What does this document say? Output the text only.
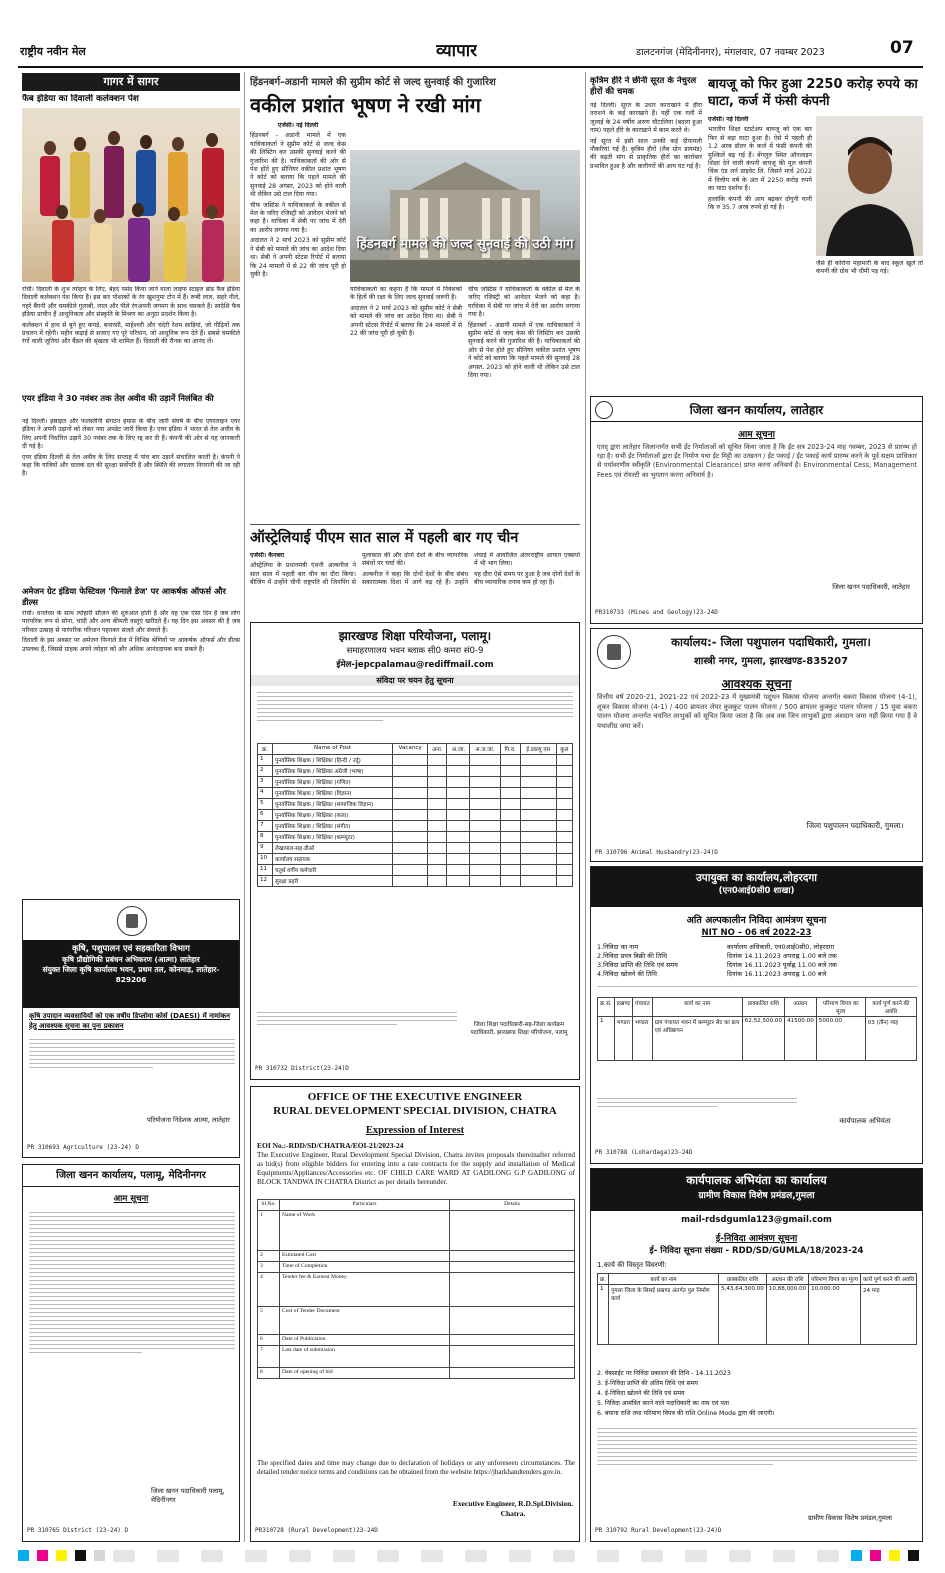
राष्ट्रीय नवीन मेल	व्यापार	डालटनगंज (मेदिनीनगर), मंगलवार, 07 नवम्बर 2023	07
गागर में सागर
फैब इंडिया का दिवाली कलेक्शन पेश

रांची। दिवाली के शुभ त्योहार के लिए, बेहद पसंद किया जाने वाला लाइफ स्टाइल ब्रांड फैब इंडिया दिवाली कलेक्शन पेश किया है। इस बार पोशाकों के रंग खुशनुमा टोन में हैं। रूबी लाल, सहरे नीले, गहरे बैंगनी और चमकीले गुलाबी, लाल और पीले रंगअपनी जगमग के साथ चमकते हैं। स्वदेशि फैब इंडिया प्राचीन हैं आधुनिकता और संस्कृति के मिश्रण का अनुठा प्रदर्शन किया है।

कलेक्शन में हाथ से बुने हुए कपड़े, बनारसी, माहेश्वरी और चंदेरी रेशम साड़ियां, जो पीढ़ियों तक प्रचलन में रहेंगी। महीन कढ़ाई से सजाए गए पूरे परिधान, जो आधुनिक रूप देते हैं। सबसे चमकीले रंगों वाली जूतियां और बैंडल की श्रृंखला भी शामिल हैं। दिवाली की रौनक का आनंद लें।

एयर इंडिया ने 30 नवंबर तक तेल अवीव की उड़ानें निलंबित की

नई दिल्ली। इस्राइल और फलस्तीनी संगठन हमास के बीच जारी संघर्ष के बीच एयरलाइन एयर इंडिया ने अपनी उड़ानों को लेकर नया अपडेट जारी किया है। एयर इंडिया ने भारत से तेल अवीव के लिए अपनी निर्धारित उड़ानें 30 नवंबर तक के लिए रद्द कर दी हैं। कंपनी की ओर से यह जानकारी दी गई है।

एयर इंडिया दिल्ली से तेल अवीव के लिए सप्ताह में पांच बार उड़ानें संचालित करती है। कंपनी ने कहा कि यात्रियों और चालक दल की सुरक्षा सर्वोपरि है और स्थिति की लगातार निगरानी की जा रही है।

अमेजन ग्रेट इंडिया फेस्टिवल 'फिनाले डेज' पर आकर्षक ऑफर्स और डील्स

रांची। धनतेरस के साथ त्योहारी सीजन की शुरुआत होती है और यह एक ऐसा दिन है जब लोग पारंपरिक रूप से सोना, चांदी और अन्य कीमती वस्तुएं खरीदते हैं। यह दिन इस अवसर की है जब परिवार उत्साह से पारंपरिक परिधान पहनकर संजते और संवरते हैं।

दिवाली के इस अवसर पर अमेजन फिनाले डेज में विभिन्न श्रेणियों पर आकर्षक ऑफर्स और डील्स उपलब्ध हैं, जिससे ग्राहक अपने त्योहार को और अधिक आनंददायक बना सकते हैं।

कृषि, पशुपालन एवं सहकारिता विभाग
कृषि प्रौद्योगिकी प्रबंधन अभिकरण (आत्मा) लातेहार
संयुक्त जिला कृषि कार्यालय भवन, प्रथम तल, कोनमाड़, लातेहार- 829206
कृषि उपादान व्यवसायियों को एक वर्षीय डिप्लोमा कोर्स (DAESI) में नामांकन हेतु आवश्यक सूचना का पुनः प्रकाशन
परियोजना निदेशक आत्मा, लातेहार
PR 310693 Agriculture (23-24) D
जिला खनन कार्यालय, पलामू, मेदिनीनगर
आम सूचना
जिला खनन पदाधिकारी पलामू, मेदिनीनगर
PR 310765 District (23-24) D
हिंडनबर्ग-अडानी मामले की सुप्रीम कोर्ट से जल्द सुनवाई की गुजारिश
वकील प्रशांत भूषण ने रखी मांग

एजेंसी। नई दिल्ली

हिंडनबर्ग - अडानी मामले में एक याचिकाकर्ता ने सुप्रीम कोर्ट से जल्द केस की लिस्टिंग कर उसकी सुनवाई करने की गुजारिश की है। याचिकाकर्ता की ओर से पेश होते हुए सीनियर वकील प्रशांत भूषण ने कोर्ट को बताया कि पहले मामले की सुनवाई 28 अगस्त, 2023 को होने वाली थी लेकिन उसे टाल दिया गया।

चीफ जस्टिस ने याचिकाकर्ता के वकील से मेल के जरिए रजिस्ट्री को आवेदन भेजने को कहा है। याचिका में सेबी पर जांच में देरी का आरोप लगाया गया है।

अदालत ने 2 मार्च 2023 को सुप्रीम कोर्ट ने सेबी को मामले की जांच का आदेश दिया था। सेबी ने अपनी स्टेटस रिपोर्ट में बताया कि 24 मामलों में से 22 की जांच पूरी हो चुकी है।

हिंडनबर्ग मामले की जल्द सुनवाई की उठी मांग

याचिकाकर्ता का कहना है कि मामले में निवेशकों के हितों की रक्षा के लिए जल्द सुनवाई जरूरी है।

अदालत ने 2 मार्च 2023 को सुप्रीम कोर्ट ने सेबी को मामले की जांच का आदेश दिया था। सेबी ने अपनी स्टेटस रिपोर्ट में बताया कि 24 मामलों में से 22 की जांच पूरी हो चुकी है।

चीफ जस्टिस ने याचिकाकर्ता के वकील से मेल के जरिए रजिस्ट्री को आवेदन भेजने को कहा है। याचिका में सेबी पर जांच में देरी का आरोप लगाया गया है।

हिंडनबर्ग - अडानी मामले में एक याचिकाकर्ता ने सुप्रीम कोर्ट से जल्द केस की लिस्टिंग कर उसकी सुनवाई करने की गुजारिश की है। याचिकाकर्ता की ओर से पेश होते हुए सीनियर वकील प्रशांत भूषण ने कोर्ट को बताया कि पहले मामले की सुनवाई 28 अगस्त, 2023 को होने वाली थी लेकिन उसे टाल दिया गया।

ऑस्ट्रेलियाई पीएम सात साल में पहली बार गए चीन

एजेंसी। कैनबरा

ऑस्ट्रेलिया के प्रधानमंत्री एंथनी अल्बनीज ने सात साल में पहली बार चीन का दौरा किया। बीजिंग में उन्होंने चीनी राष्ट्रपति शी जिनपिंग से मुलाकात की और दोनों देशों के बीच व्यापारिक संबंधों पर चर्चा की।

अल्बनीज ने कहा कि दोनों देशों के बीच संबंध सकारात्मक दिशा में आगे बढ़ रहे हैं। उन्होंने शंघाई में आयोजित अंतरराष्ट्रीय आयात एक्सपो में भी भाग लिया।

यह दौरा ऐसे समय पर हुआ है जब दोनों देशों के बीच व्यापारिक तनाव कम हो रहा है।

झारखण्ड शिक्षा परियोजना, पलामू।
समाहरणालय भवन ब्लाक सी0 कमरा सं0-9
ईमेल-jepcpalamau@rediffmail.com
संविदा पर चयन हेतु सूचना
क्र.	Name of Post	Vacancy	अना.	अ.जा.	अ.ज.जा.	पि.व.	ई.डब्ल्यू.एस	कुल
1	पुनर्वासिक शिक्षक / शिक्षिका (हिन्दी / उर्दू)							
2	पुनर्वासिक शिक्षक / शिक्षिका अंग्रेजी (भाषा)							
3	पुनर्वासिक शिक्षक / शिक्षिका (गणित)							
4	पुनर्वासिक शिक्षक / शिक्षिका (विज्ञान)							
5	पुनर्वासिक शिक्षक / शिक्षिका (सामाजिक विज्ञान)							
6	पुनर्वासिक शिक्षक / शिक्षिका (कला)							
7	पुनर्वासिक शिक्षक / शिक्षिका (संगीत)							
8	पुनर्वासिक शिक्षक / शिक्षिका (कम्प्यूटर)							
9	लेखापाल-सह-डीओ							
10	कार्यालय सहायक							
11	चतुर्थ वर्गीय कर्मचारी							
12	सुरक्षा प्रहरी							
जिला शिक्षा पदाधिकारी-सह-जिला कार्यक्रम पदाधिकारी, झारखण्ड शिक्षा परियोजना, पलामू
PR 310732 District(23-24)D
OFFICE OF THE EXECUTIVE ENGINEER
RURAL DEVELOPMENT SPECIAL DIVISION, CHATRA
Expression of Interest
EOI No.:-RDD/SD/CHATRA/EOI-21/2023-24
The Executive Engineer, Rural Development Special Division, Chatra invites proposals thereinafter referred as bid(s) from eligible bidders for entering into a rate contracts for the supply and installation of Medical Equipments/Appliances/Accessories etc. OF CHILD CARE WARD AT GADILONG G.P GADILONG of BLOCK TANDWA IN CHATRA District as per details hereunder.
Sl.No.	Particulars	Details
1	Name of Work	
2	Estimated Cost	
3	Time of Completion	
4	Tender fee & Earnest Money	
5	Cost of Tender Document	
6	Date of Publication	
7	Last date of submission	
8	Date of opening of bid	
The specified dates and time may change due to declaration of holidays or any unforeseen circumstances. The detailed tender notice terms and conditions can be obtained from the website https://jharkhandtenders.gov.in.
Executive Engineer, R.D.Spl.Division. Chatra.
PR310728 (Rural Development)23-24D
कृत्रिम हीरे ने छीनी सूरत के नेचुरल हीरों की चमक

नई दिल्ली। सूरत के उधार काराखाने में हीरा तराशने के कई कारखाने हैं। यहीं एक गली में जुलाई के 24 वर्षीय अरुण चौटालिया (बदला हुआ नाम) पहले हीरे के कारखाने में काम करते थे।

नई सूरत में इसी साल उनकी कई दीपावली नौकरियां गई हैं। कृत्रिम हीरों (लैब ग्रोन डायमंड) की बढ़ती मांग से प्राकृतिक हीरों का कारोबार प्रभावित हुआ है और कारीगरों की आय घट गई है।

बायजू को फिर हुआ 2250 करोड़ रुपये का घाटा, कर्ज में फंसी कंपनी

एजेंसी। नई दिल्ली

भारतीय शिक्षा स्टार्टअप बायजू को एक बार फिर से बड़ा घाटा हुआ है। ऐसे में पहली ही 1.2 अरब डॉलर के कर्ज में फंसी कंपनी की मुश्किलें बढ़ गई हैं। बेंगलुरु स्थित ऑनलाइन शिक्षा देने वाली कंपनी बायजू की मूल कंपनी थिंक एंड लर्न प्राइवेट लि. जिसने मार्च 2022 में वित्तीय वर्ष के अंत में 2250 करोड़ रुपये का घाटा दर्शाया है।

हालांकि कंपनी की आय बढ़कर दोगुनी यानी कि रु 35.7 अरब रुपये हो गई है।

जैसे ही कोरोना महामारी के बाद स्कूल खुले तो कंपनी की ग्रोथ भी धीमी पड़ गई।
जिला खनन कार्यालय, लातेहार
आम सूचना
एतद् द्वारा लातेहार जिलान्तर्गत सभी ईंट निर्माताओं को सूचित किया जाता है कि ईंट सत्र 2023-24 माह नवम्बर, 2023 से प्रारम्भ हो रहा है। सभी ईंट निर्माताओं द्वारा ईंट निर्माण यथा ईंट मिट्टी का उत्खनन / ईंट पकाई / ईंट पकाई कार्य प्रारम्भ करने के पूर्व सक्षम प्राधिकार से पर्यावरणीय स्वीकृति (Environmental Clearance) प्राप्त करना अनिवार्य है। Environmental Cess, Management Fees एवं रॉयल्टी का भुगतान करना अनिवार्य है।
जिला खनन पदाधिकारी, लातेहार
PR310733 (Mines and Geology)23-24D
कार्यालय:- जिला पशुपालन पदाधिकारी, गुमला।
शास्त्री नगर, गुमला, झारखण्ड-835207
आवश्यक सूचना
वित्तीय वर्ष 2020-21, 2021-22 एवं 2022-23 में मुख्यमंत्री पशुधन विकास योजना अन्तर्गत बकरा विकास योजना (4-1), शूकर विकास योजना (4-1) / 400 ब्रायलर लेयर कुक्कुट पालन योजना / 500 ब्रायलर कुक्कुट पालन योजना / 15 युवा बकरा पालन योजना अन्तर्गत चयनित लाभुकों को सूचित किया जाता है कि अब तक जिन लाभुकों द्वारा अंशदान जमा नहीं किया गया है वे यथाशीघ्र जमा करें।
जिला पशुपालन पदाधिकारी, गुमला।
PR 310796 Animal Husbandry(23-24)D
उपायुक्त का कार्यालय,लोहरदगा
(एन0आई0सी0 शाखा)
अति अल्पकालीन निविदा आमंत्रण सूचना
NIT NO – 06 वर्ष 2022-23
1.निविदा का नाम	कार्यालय अधिकारी, एन0आई0सी0, लोहरदगा
2.निविदा प्रपत्र बिक्री की तिथि	दिनांक 14.11.2023 अपराह्न 1.00 बजे तक
3.निविदा प्राप्ति की तिथि एवं समय	दिनांक 16.11.2023 पूर्वाह्न 11.00 बजे तक
4.निविदा खोलने की तिथि	दिनांक 16.11.2023 अपराह्न 1.00 बजे
क्र.सं.	प्रखण्ड	पंचायत	कार्य का नाम	प्राक्कलित राशि	अग्रधन	परिमाण विपत्र का मूल्य	कार्य पूर्ण करने की अवधि
1	भण्डरा	भण्डरा	ग्राम पंचायत भवन में कम्प्यूटर सेट का क्रय एवं अधिष्ठापन	62,52,500.00	41500.00	5000.00	03 (तीन) माह
कार्यपालक अभियंता
PR 310788 (Lohardaga)23-24D
कार्यपालक अभियंता का कार्यालय
ग्रामीण विकास विशेष प्रमंडल,गुमला
mail-rdsdgumla123@gmail.com
ई-निविदा आमंत्रण सूचना
ई- निविदा सूचना संख्या - RDD/SD/GUMLA/18/2023-24
1.कार्य की विस्तृत विवरणी:
क्र.	कार्य का नाम	प्राक्कलित राशि	अग्रधन की राशि	परिमाण विपत्र का मूल्य	कार्य पूर्ण करने की अवधि
1	गुमला जिला के सिसई प्रखण्ड अंतर्गत पुल निर्माण कार्य	5,43,64,300.00	10,88,000.00	10,000.00	24 माह
2. वेबसाईट पर निविदा प्रकाशन की तिथि - 14.11.2023
3. ई-निविदा प्राप्ति की अंतिम तिथि एवं समय
4. ई-निविदा खोलने की तिथि एवं समय
5. निविदा आमंत्रित करने वाले पदाधिकारी का नाम एवं पता
6. बयाना राशि तथा परिमाण विपत्र की राशि Online Mode द्वारा की जाएगी।
ग्रामीण विकास विशेष प्रमंडल,गुमला
PR 310792 Rural Development(23-24)D
